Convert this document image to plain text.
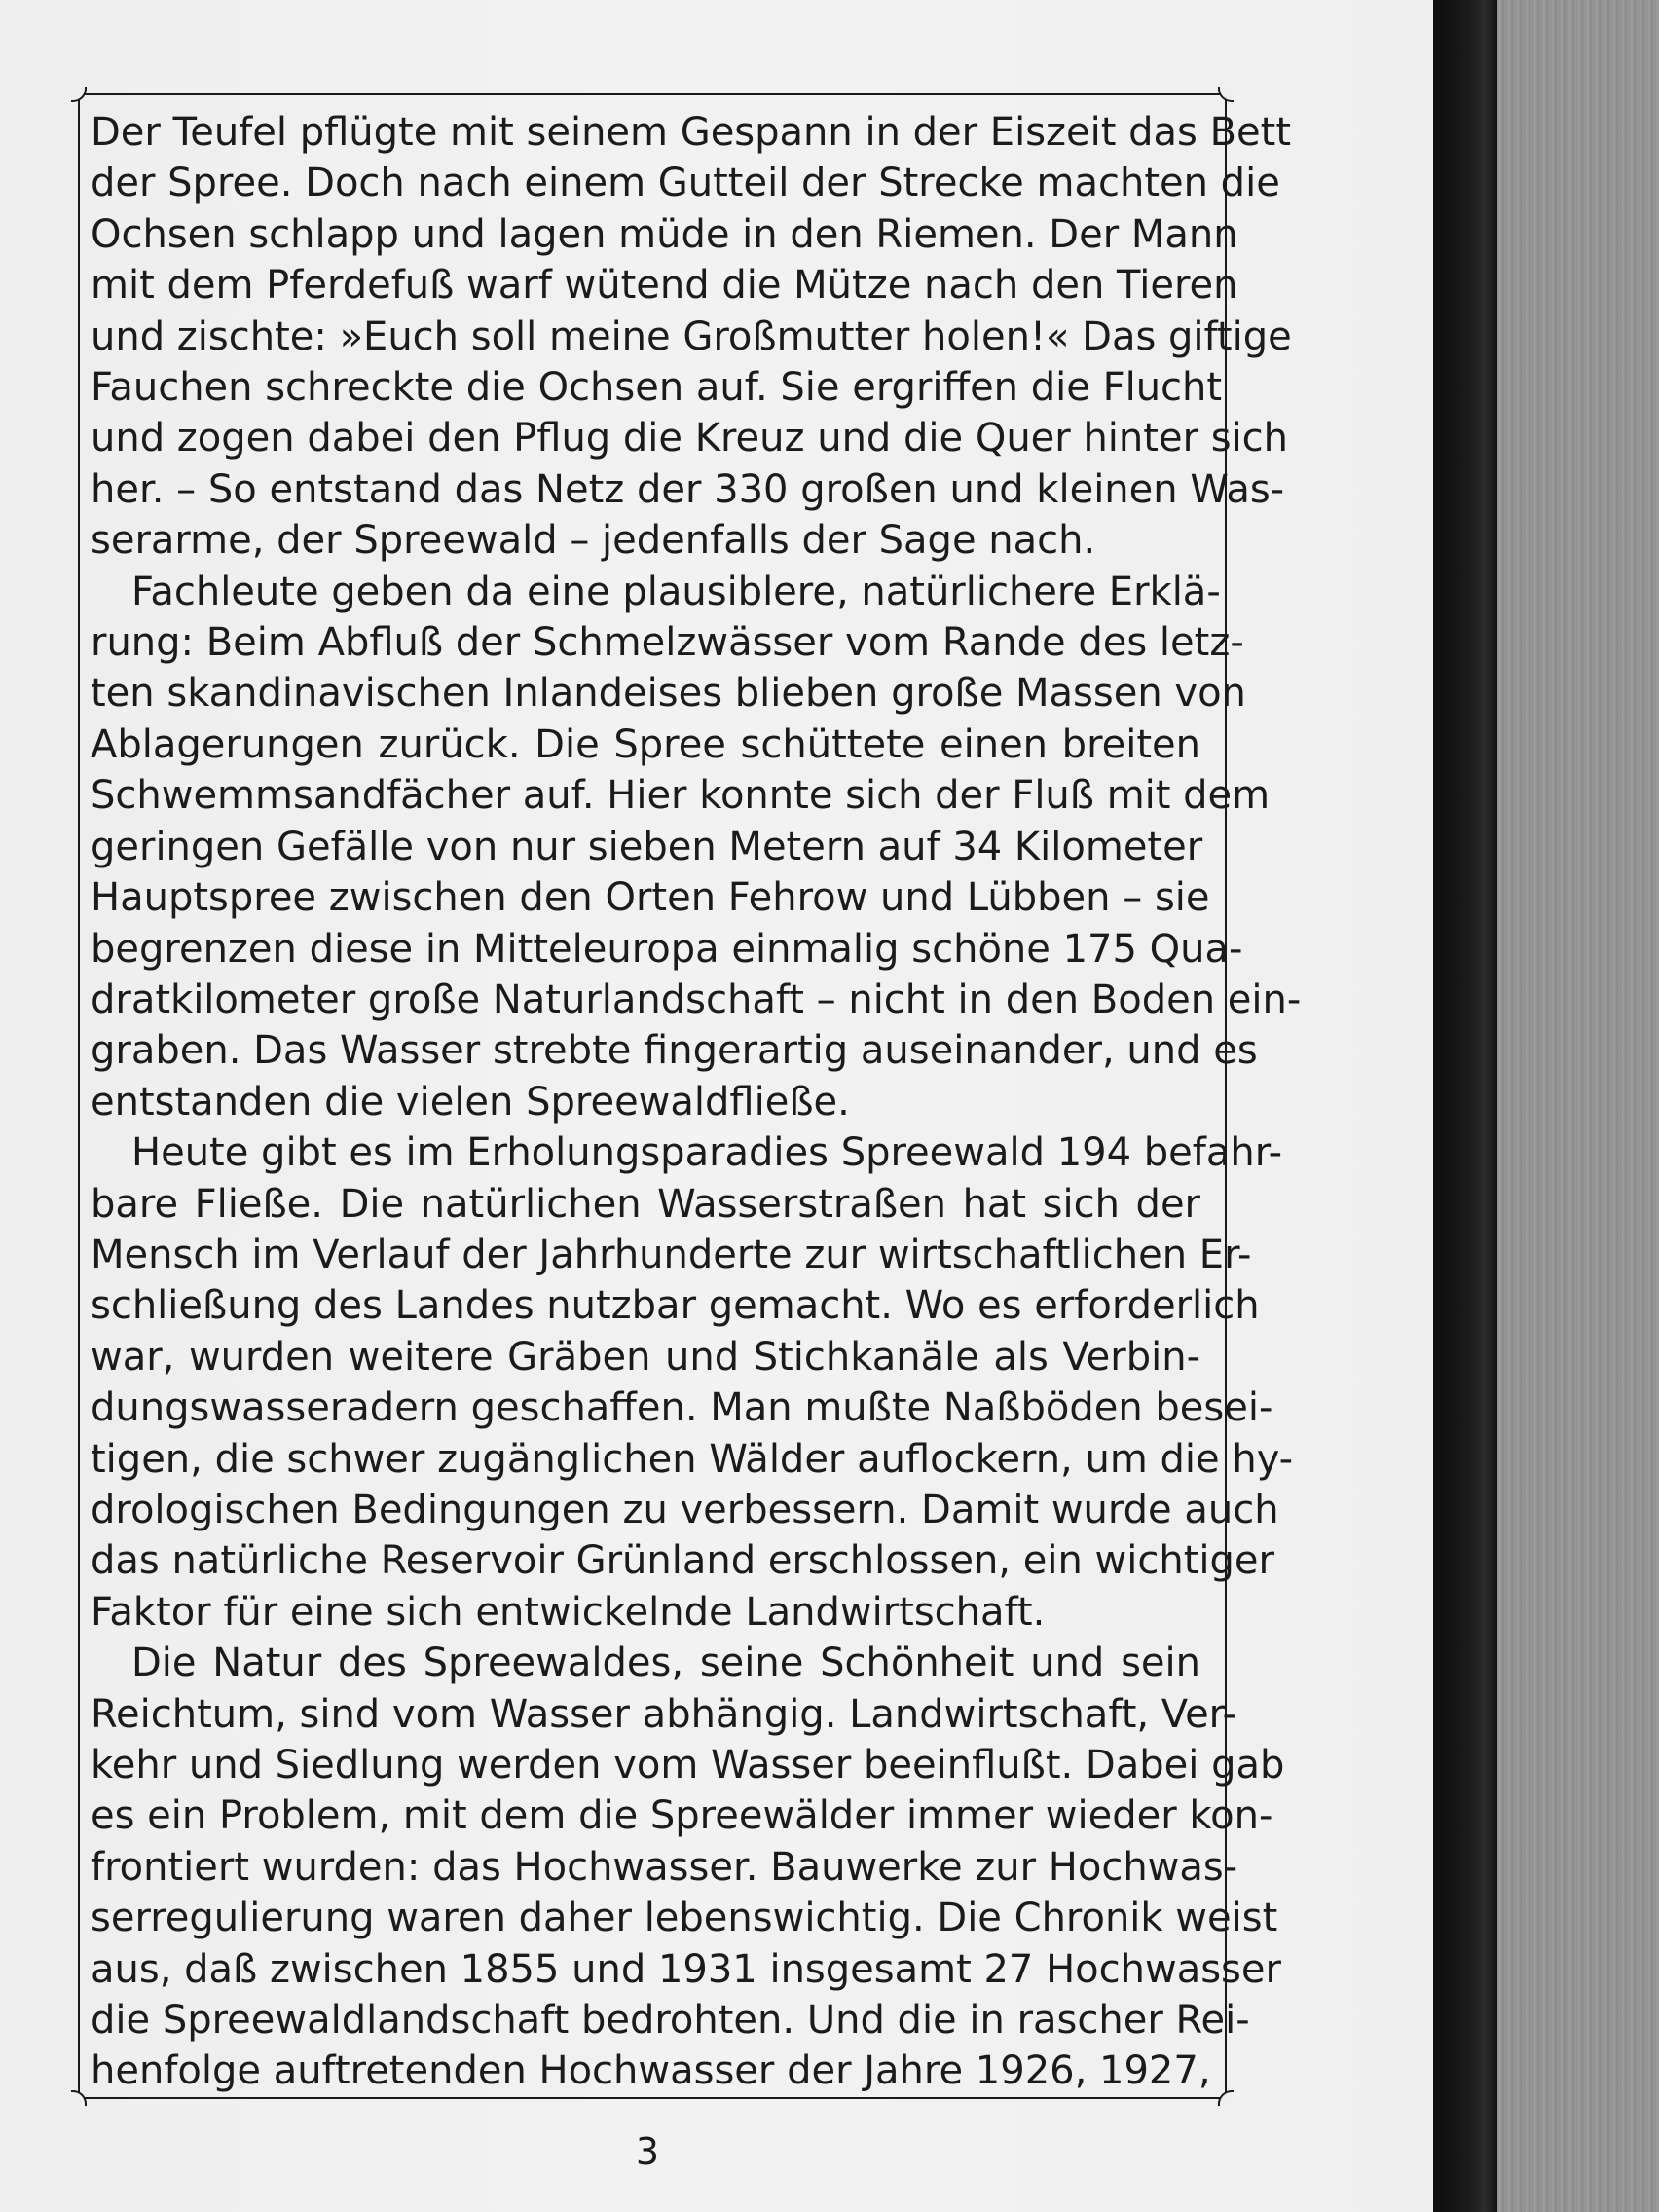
Der Teufel pflügte mit seinem Gespann in der Eiszeit das Bett
der Spree. Doch nach einem Gutteil der Strecke machten die
Ochsen schlapp und lagen müde in den Riemen. Der Mann
mit dem Pferdefuß warf wütend die Mütze nach den Tieren
und zischte: »Euch soll meine Großmutter holen!« Das giftige
Fauchen schreckte die Ochsen auf. Sie ergriffen die Flucht
und zogen dabei den Pflug die Kreuz und die Quer hinter sich
her. – So entstand das Netz der 330 großen und kleinen Was-
serarme, der Spreewald – jedenfalls der Sage nach.
Fachleute geben da eine plausiblere, natürlichere Erklä-
rung: Beim Abfluß der Schmelzwässer vom Rande des letz-
ten skandinavischen Inlandeises blieben große Massen von
Ablagerungen zurück. Die Spree schüttete einen breiten
Schwemmsandfächer auf. Hier konnte sich der Fluß mit dem
geringen Gefälle von nur sieben Metern auf 34 Kilometer
Hauptspree zwischen den Orten Fehrow und Lübben – sie
begrenzen diese in Mitteleuropa einmalig schöne 175 Qua-
dratkilometer große Naturlandschaft – nicht in den Boden ein-
graben. Das Wasser strebte fingerartig auseinander, und es
entstanden die vielen Spreewaldfließe.
Heute gibt es im Erholungsparadies Spreewald 194 befahr-
bare Fließe. Die natürlichen Wasserstraßen hat sich der
Mensch im Verlauf der Jahrhunderte zur wirtschaftlichen Er-
schließung des Landes nutzbar gemacht. Wo es erforderlich
war, wurden weitere Gräben und Stichkanäle als Verbin-
dungswasseradern geschaffen. Man mußte Naßböden besei-
tigen, die schwer zugänglichen Wälder auflockern, um die hy-
drologischen Bedingungen zu verbessern. Damit wurde auch
das natürliche Reservoir Grünland erschlossen, ein wichtiger
Faktor für eine sich entwickelnde Landwirtschaft.
Die Natur des Spreewaldes, seine Schönheit und sein
Reichtum, sind vom Wasser abhängig. Landwirtschaft, Ver-
kehr und Siedlung werden vom Wasser beeinflußt. Dabei gab
es ein Problem, mit dem die Spreewälder immer wieder kon-
frontiert wurden: das Hochwasser. Bauwerke zur Hochwas-
serregulierung waren daher lebenswichtig. Die Chronik weist
aus, daß zwischen 1855 und 1931 insgesamt 27 Hochwasser
die Spreewaldlandschaft bedrohten. Und die in rascher Rei-
henfolge auftretenden Hochwasser der Jahre 1926, 1927,
3
